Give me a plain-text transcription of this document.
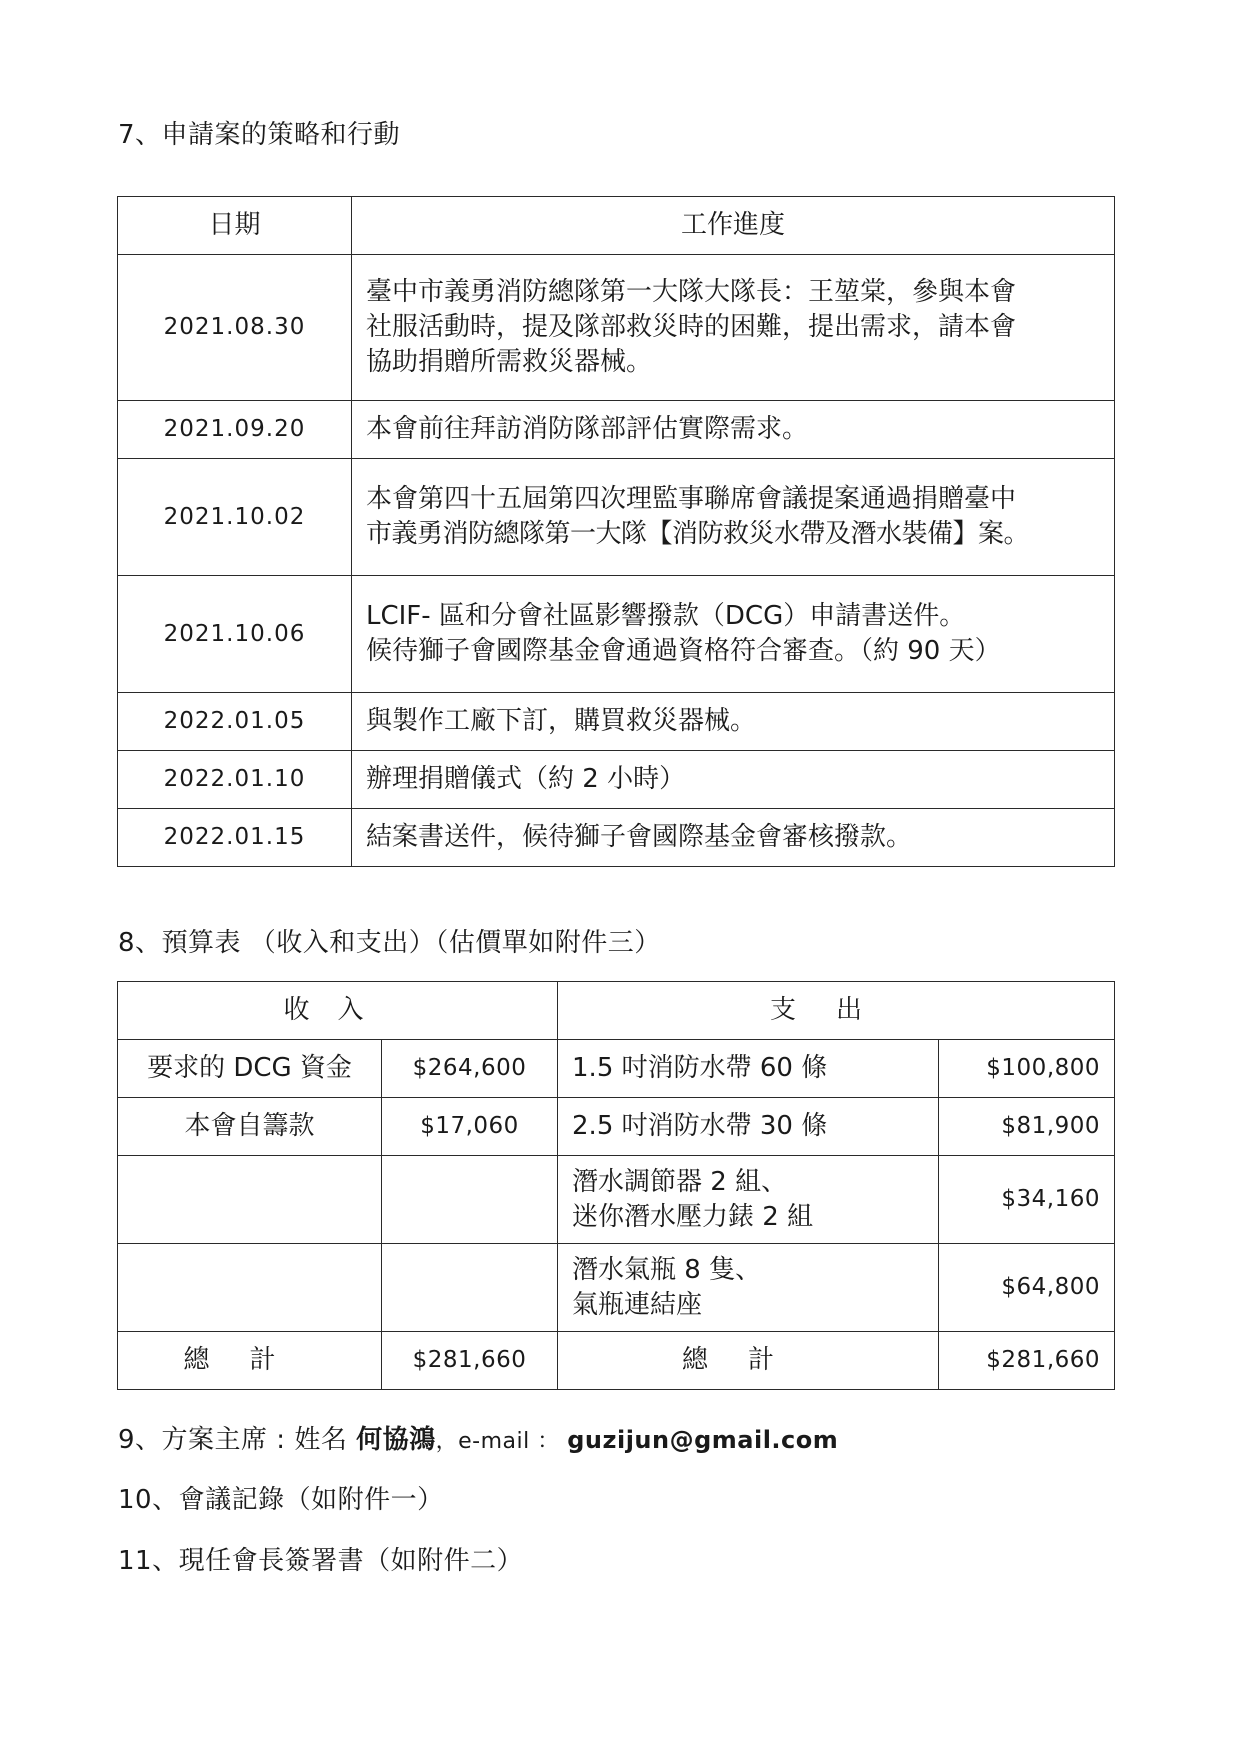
7、申請案的策略和行動
日期	工作進度
2021.08.30	臺中市義勇消防總隊第一大隊大隊長：王堃棠，參與本會
社服活動時，提及隊部救災時的困難，提出需求，請本會
協助捐贈所需救災器械。

2021.09.20	本會前往拜訪消防隊部評估實際需求。

2021.10.02	本會第四十五屆第四次理監事聯席會議提案通過捐贈臺中
市義勇消防總隊第一大隊【消防救災水帶及潛水裝備】案。

2021.10.06	LCIF- 區和分會社區影響撥款（DCG）申請書送件。
候待獅子會國際基金會通過資格符合審查。（約 90 天）

2022.01.05	與製作工廠下訂，購買救災器械。

2022.01.10	辦理捐贈儀式（約 2 小時）

2022.01.15	結案書送件，候待獅子會國際基金會審核撥款。
8、預算表 （收入和支出）（估價單如附件三）
收入		支出	
要求的 DCG 資金	$264,600	1.5 吋消防水帶 60 條	$100,800
本會自籌款	$17,060	2.5 吋消防水帶 30 條	$81,900

		潛水調節器 2 組、
迷你潛水壓力錶 2 組	$34,160

		潛水氣瓶 8 隻、
氣瓶連結座	$64,800
總計	$281,660	總計	$281,660
9、方案主席 : 姓名 何協鴻，e-mail ： guzijun@gmail.com
10、會議記錄（如附件一）
11、現任會長簽署書（如附件二）
